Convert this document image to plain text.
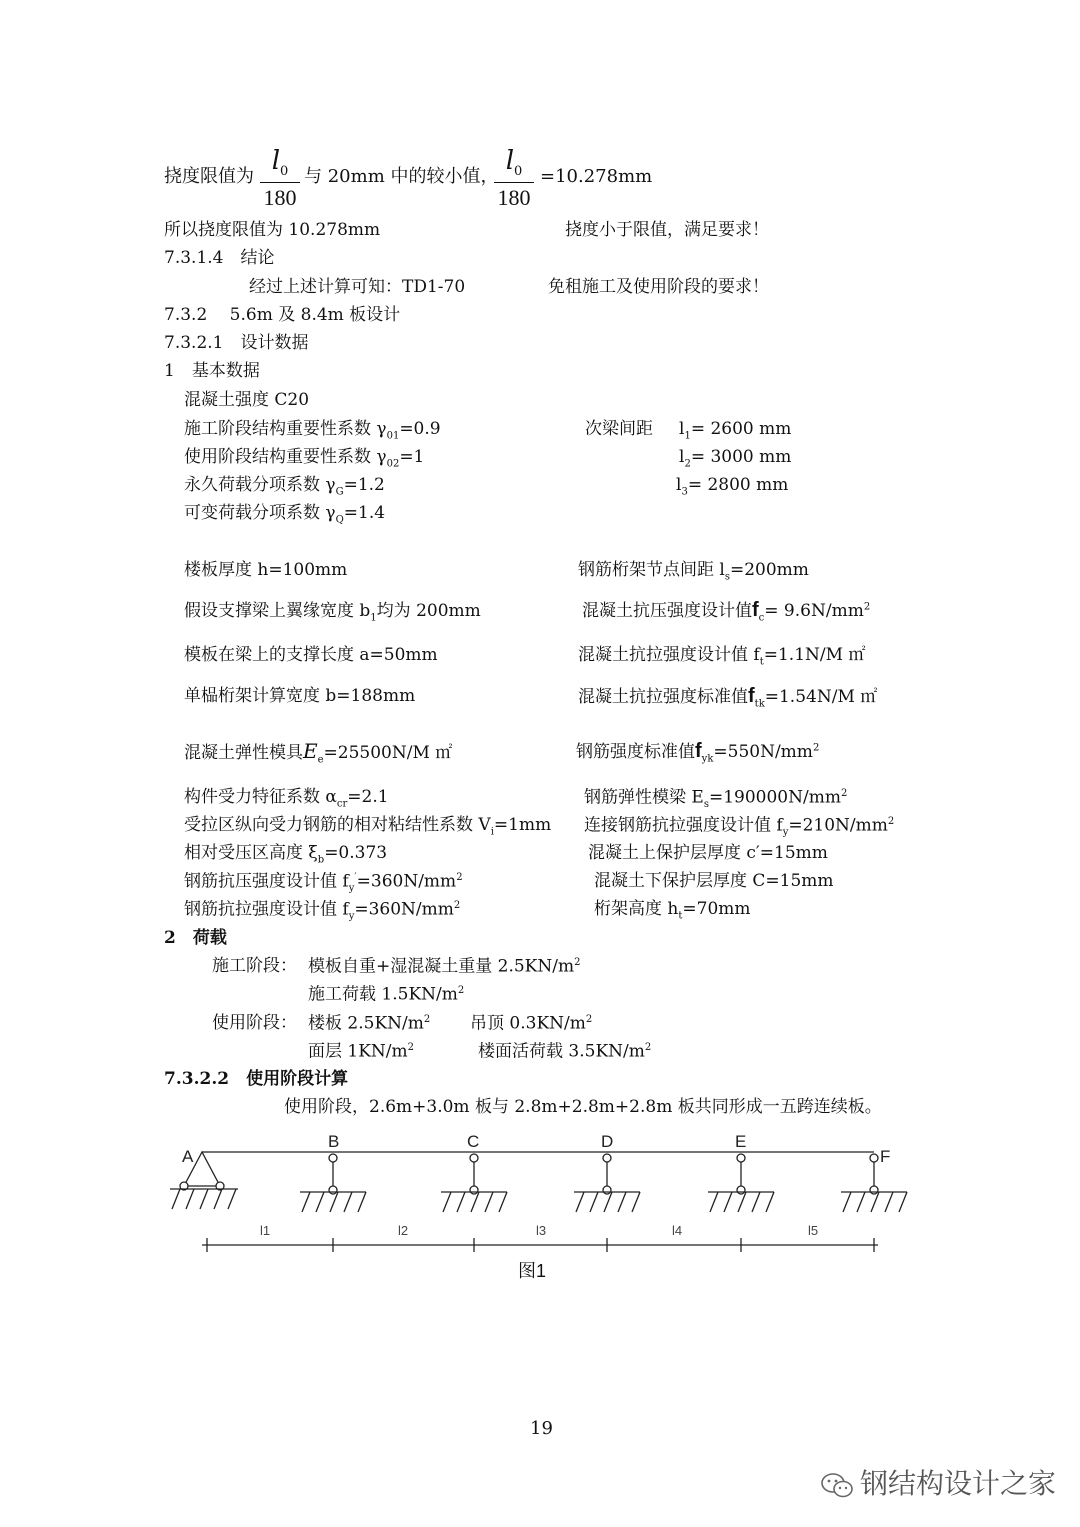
挠度限值为
$l_0$
180
与 20mm 中的较小值，
$l_0$
180
=10.278mm
所以挠度限值为 10.278mm	挠度小于限值，满足要求！
7.3.1.4　结论
经过上述计算可知：TD1-70	免租施工及使用阶段的要求！
7.3.2　 5.6m 及 8.4m 板设计
7.3.2.1　设计数据
1　基本数据
混凝土强度 C20
施工阶段结构重要性系数 $\gamma_{01}=0.9$	次梁间距 $l_1= 2600$ mm
使用阶段结构重要性系数 $\gamma_{02}=1$	$l_2= 3000$ mm
永久荷载分项系数 $\gamma_G=1.2$	$l_3= 2800$ mm
可变荷载分项系数 $\gamma_Q=1.4$
楼板厚度 h=100mm	钢筋桁架节点间距 $l_s=200mm$
假设支撑梁上翼缘宽度 $b_1$均为 200mm	混凝土抗压强度设计值$f_c= 9.6N/mm^2$
模板在梁上的支撑长度 a=50mm	混凝土抗拉强度设计值 $f_t=1.1N/M$ ㎡
单榀桁架计算宽度 b=188mm	混凝土抗拉强度标准值$f_{tk}=1.54N/M$ ㎡
混凝土弹性模具$E_e=25500N/M$ ㎡	钢筋强度标准值$f_{yk}=550N/mm^2$
构件受力特征系数 $\alpha_{cr}=2.1$	钢筋弹性模梁 $E_s=190000N/mm^2$
受拉区纵向受力钢筋的相对粘结性系数 $V_i=1mm$ 连接钢筋抗拉强度设计值 $f_y=210N/mm^2$
相对受压区高度 $\xi_b=0.373$	混凝土上保护层厚度 c′=15mm
钢筋抗压强度设计值 $f_y'=360N/mm^2$	混凝土下保护层厚度 C=15mm
钢筋抗拉强度设计值 $f_y=360N/mm^2$	桁架高度 $h_t=70mm$
2　荷载
施工阶段： 模板自重+湿混凝土重量 $2.5KN/m^2$
施工荷载 $1.5KN/m^2$
使用阶段： 楼板 $2.5KN/m^2$ 吊顶 $0.3KN/m^2$
面层 $1KN/m^2$	楼面活荷载 $3.5KN/m^2$
7.3.2.2　使用阶段计算
使用阶段，2.6m+3.0m 板与 2.8m+2.8m+2.8m 板共同形成一五跨连续板。
A
B	C	D	E
F
l1	l2	l3	l4	l5
图1
19
钢结构设计之家
